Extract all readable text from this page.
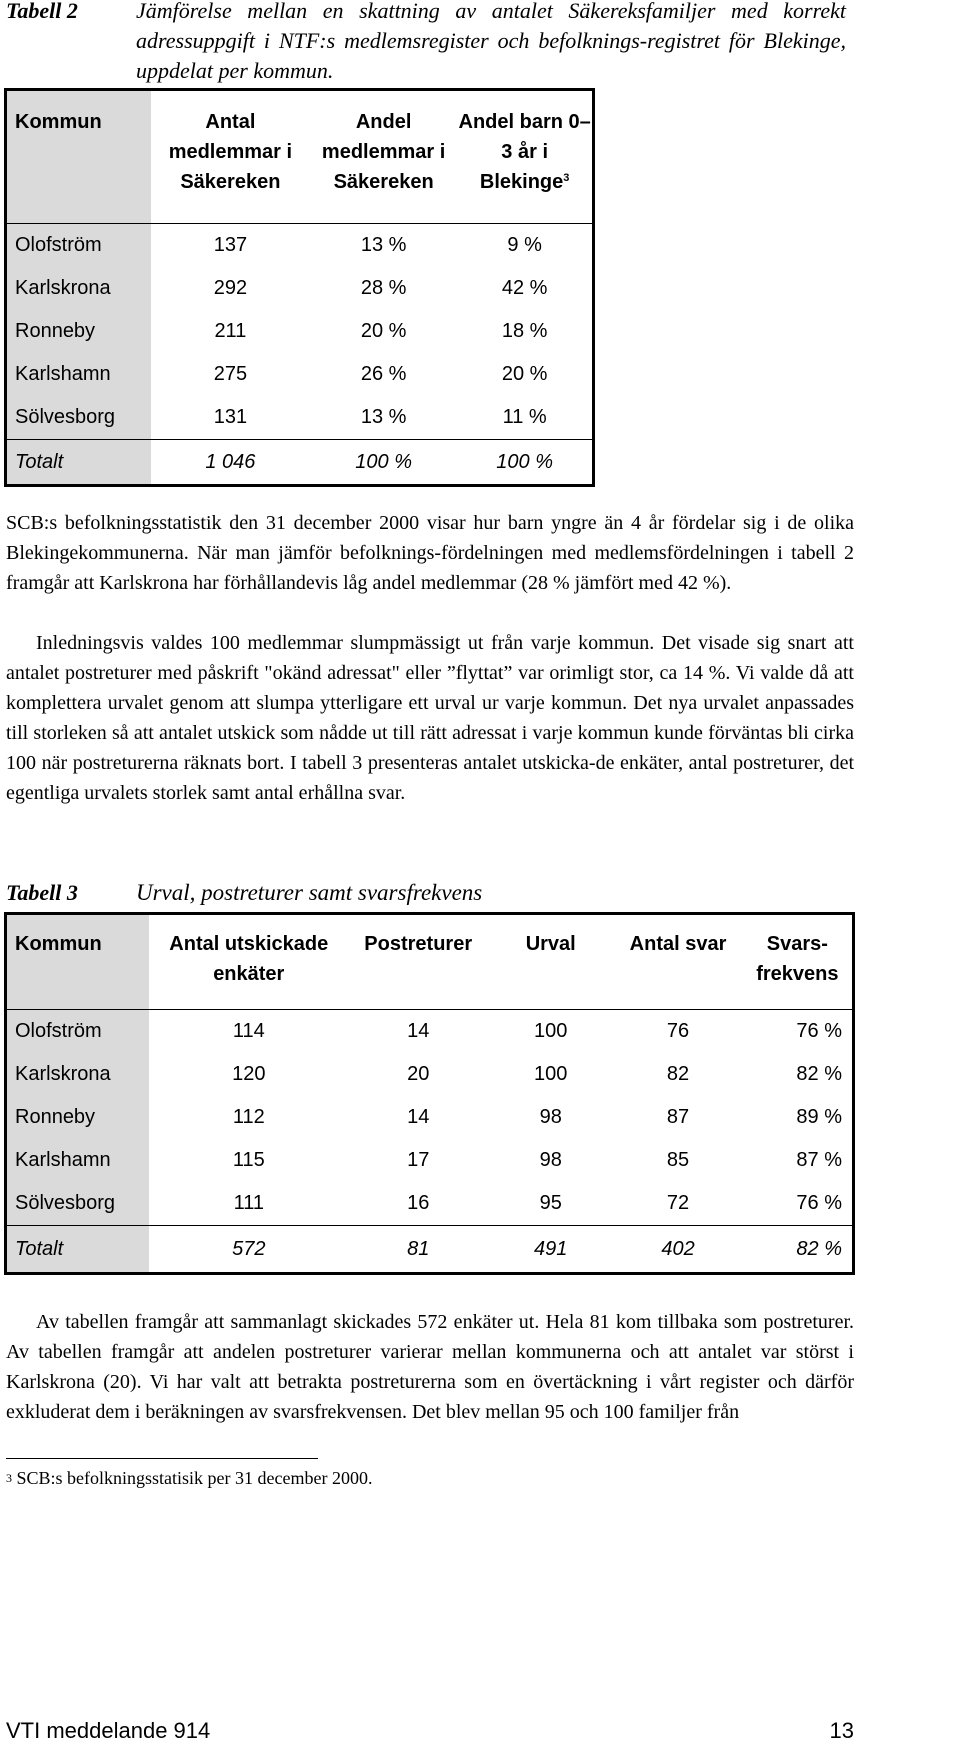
Tabell 2	Jämförelse mellan en skattning av antalet Säkereksfamiljer med korrekt adressuppgift i NTF:s medlemsregister och befolknings-registret för Blekinge, uppdelat per kommun.
Kommun	Antal medlemmar i Säkereken	Andel medlemmar i Säkereken	Andel barn 0–3 år i Blekinge$^3$
Olofström	137	13 %	9 %
Karlskrona	292	28 %	42 %
Ronneby	211	20 %	18 %
Karlshamn	275	26 %	20 %
Sölvesborg	131	13 %	11 %
Totalt	1 046	100 %	100 %

SCB:s befolkningsstatistik den 31 december 2000 visar hur barn yngre än 4 år fördelar sig i de olika Blekingekommunerna. När man jämför befolknings-fördelningen med medlemsfördelningen i tabell 2 framgår att Karlskrona har förhållandevis låg andel medlemmar (28 % jämfört med 42 %).

Inledningsvis valdes 100 medlemmar slumpmässigt ut från varje kommun. Det visade sig snart att antalet postreturer med påskrift "okänd adressat" eller ”flyttat” var orimligt stor, ca 14 %. Vi valde då att komplettera urvalet genom att slumpa ytterligare ett urval ur varje kommun. Det nya urvalet anpassades till storleken så att antalet utskick som nådde ut till rätt adressat i varje kommun kunde förväntas bli cirka 100 när postreturerna räknats bort. I tabell 3 presenteras antalet utskicka-de enkäter, antal postreturer, det egentliga urvalets storlek samt antal erhållna svar.

Tabell 3	Urval, postreturer samt svarsfrekvens
Kommun	Antal utskickade enkäter	Postreturer	Urval	Antal svar	Svars-frekvens
Olofström	114	14	100	76	76 %
Karlskrona	120	20	100	82	82 %
Ronneby	112	14	98	87	89 %
Karlshamn	115	17	98	85	87 %
Sölvesborg	111	16	95	72	76 %
Totalt	572	81	491	402	82 %

Av tabellen framgår att sammanlagt skickades 572 enkäter ut. Hela 81 kom tillbaka som postreturer. Av tabellen framgår att andelen postreturer varierar mellan kommunerna och att antalet var störst i Karlskrona (20). Vi har valt att betrakta postreturerna som en övertäckning i vårt register och därför exkluderat dem i beräkningen av svarsfrekvensen. Det blev mellan 95 och 100 familjer från

$^3$ SCB:s befolkningsstatisik per 31 december 2000.
VTI meddelande 914	13
